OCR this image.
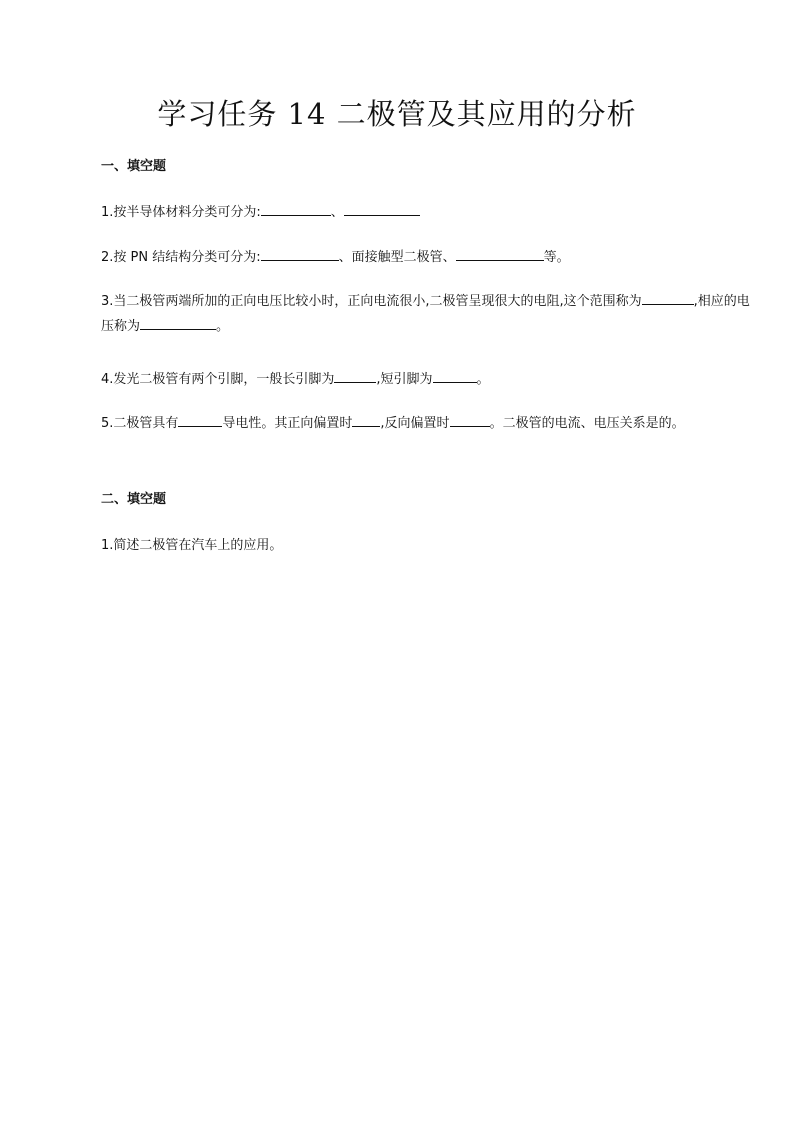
学习任务 14 二极管及其应用的分析
一、填空题

1.按半导体材料分类可分为:	、

2.按 PN 结结构分类可分为:	、面接触型二极管、	等。

3.当二极管两端所加的正向电压比较小时，正向电流很小,二极管呈现很大的电阻,这个范围称为	,相应的电压称为	。

4.发光二极管有两个引脚，一般长引脚为	,短引脚为	。

5.二极管具有	导电性。其正向偏置时 ,反向偏置时	。二极管的电流、电压关系是的。

二、填空题

1.简述二极管在汽车上的应用。
